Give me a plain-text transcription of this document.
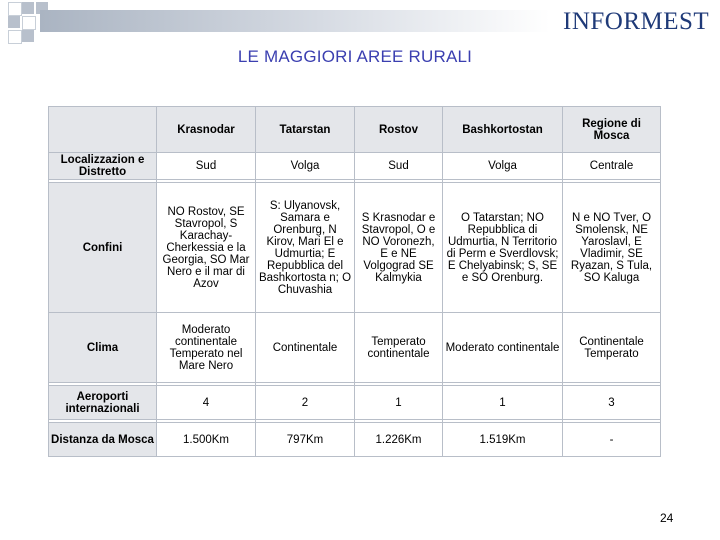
INFORMEST
LE MAGGIORI AREE RURALI
	Krasnodar	Tatarstan	Rostov	Bashkortostan	Regione di Mosca
Localizzazion e Distretto	Sud	Volga	Sud	Volga	Centrale

Confini	NO Rostov, SE Stavropol, S Karachay-Cherkessia e la Georgia, SO Mar Nero e il mar di Azov	S: Ulyanovsk, Samara e Orenburg, N Kirov, Mari El e Udmurtia; E Repubblica del Bashkortosta n; O Chuvashia	S Krasnodar e Stavropol, O e NO Voronezh, E e NE Volgograd SE Kalmykia	O Tatarstan; NO Repubblica di Udmurtia, N Territorio di Perm e Sverdlovsk; E Chelyabinsk; S, SE e SO Orenburg.	N e NO Tver, O Smolensk, NE Yaroslavl, E Vladimir, SE Ryazan, S Tula, SO Kaluga
Clima	Moderato continentale Temperato nel Mare Nero	Continentale	Temperato continentale	Moderato continentale	Continentale Temperato

Aeroporti internazionali	4	2	1	1	3

Distanza da Mosca	1.500Km	797Km	1.226Km	1.519Km	-
24
